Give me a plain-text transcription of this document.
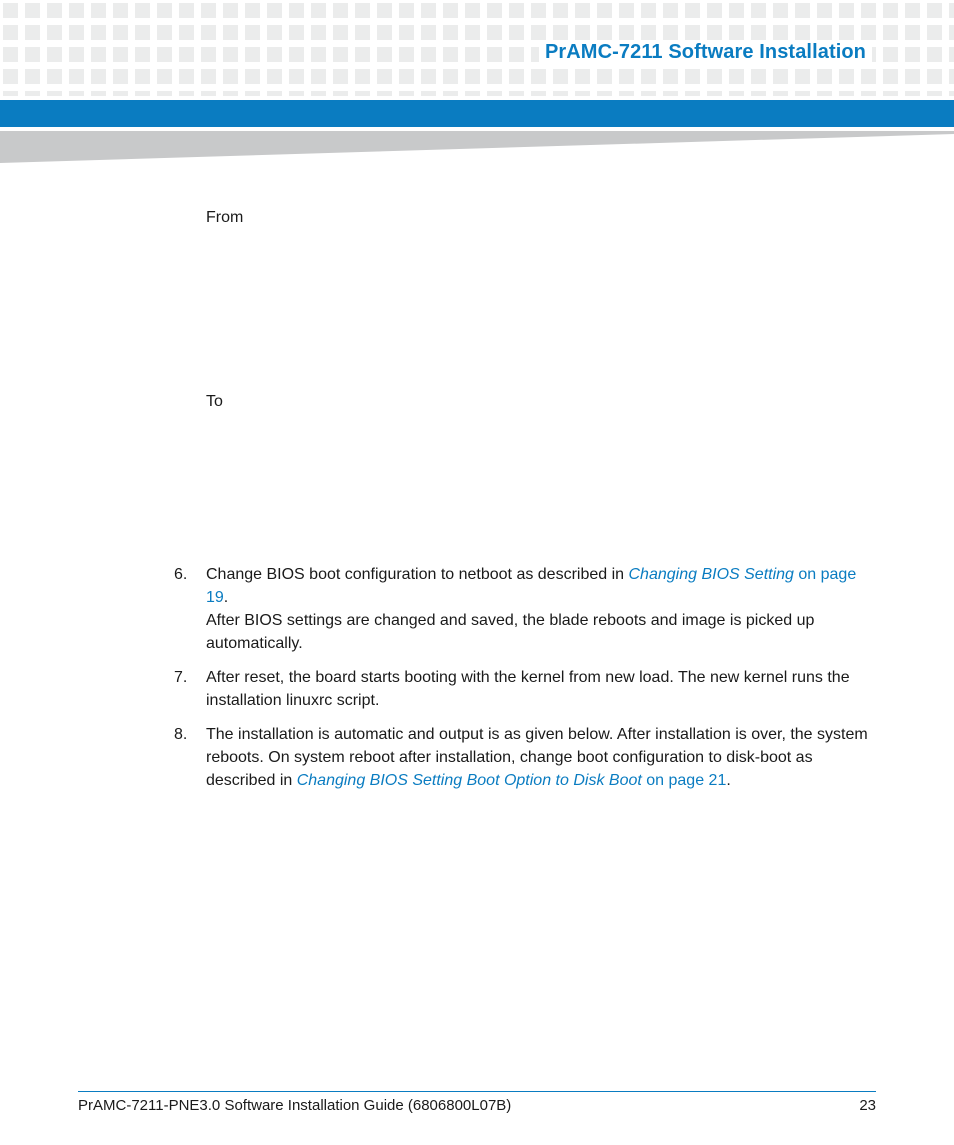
PrAMC-7211 Software Installation
From
To
6. Change BIOS boot configuration to netboot as described in Changing BIOS Setting on page 19.
After BIOS settings are changed and saved, the blade reboots and image is picked up automatically.
7. After reset, the board starts booting with the kernel from new load. The new kernel runs the installation linuxrc script.
8. The installation is automatic and output is as given below. After installation is over, the system reboots. On system reboot after installation, change boot configuration to disk-boot as described in Changing BIOS Setting Boot Option to Disk Boot on page 21.
PrAMC-7211-PNE3.0 Software Installation Guide (6806800L07B)	23
